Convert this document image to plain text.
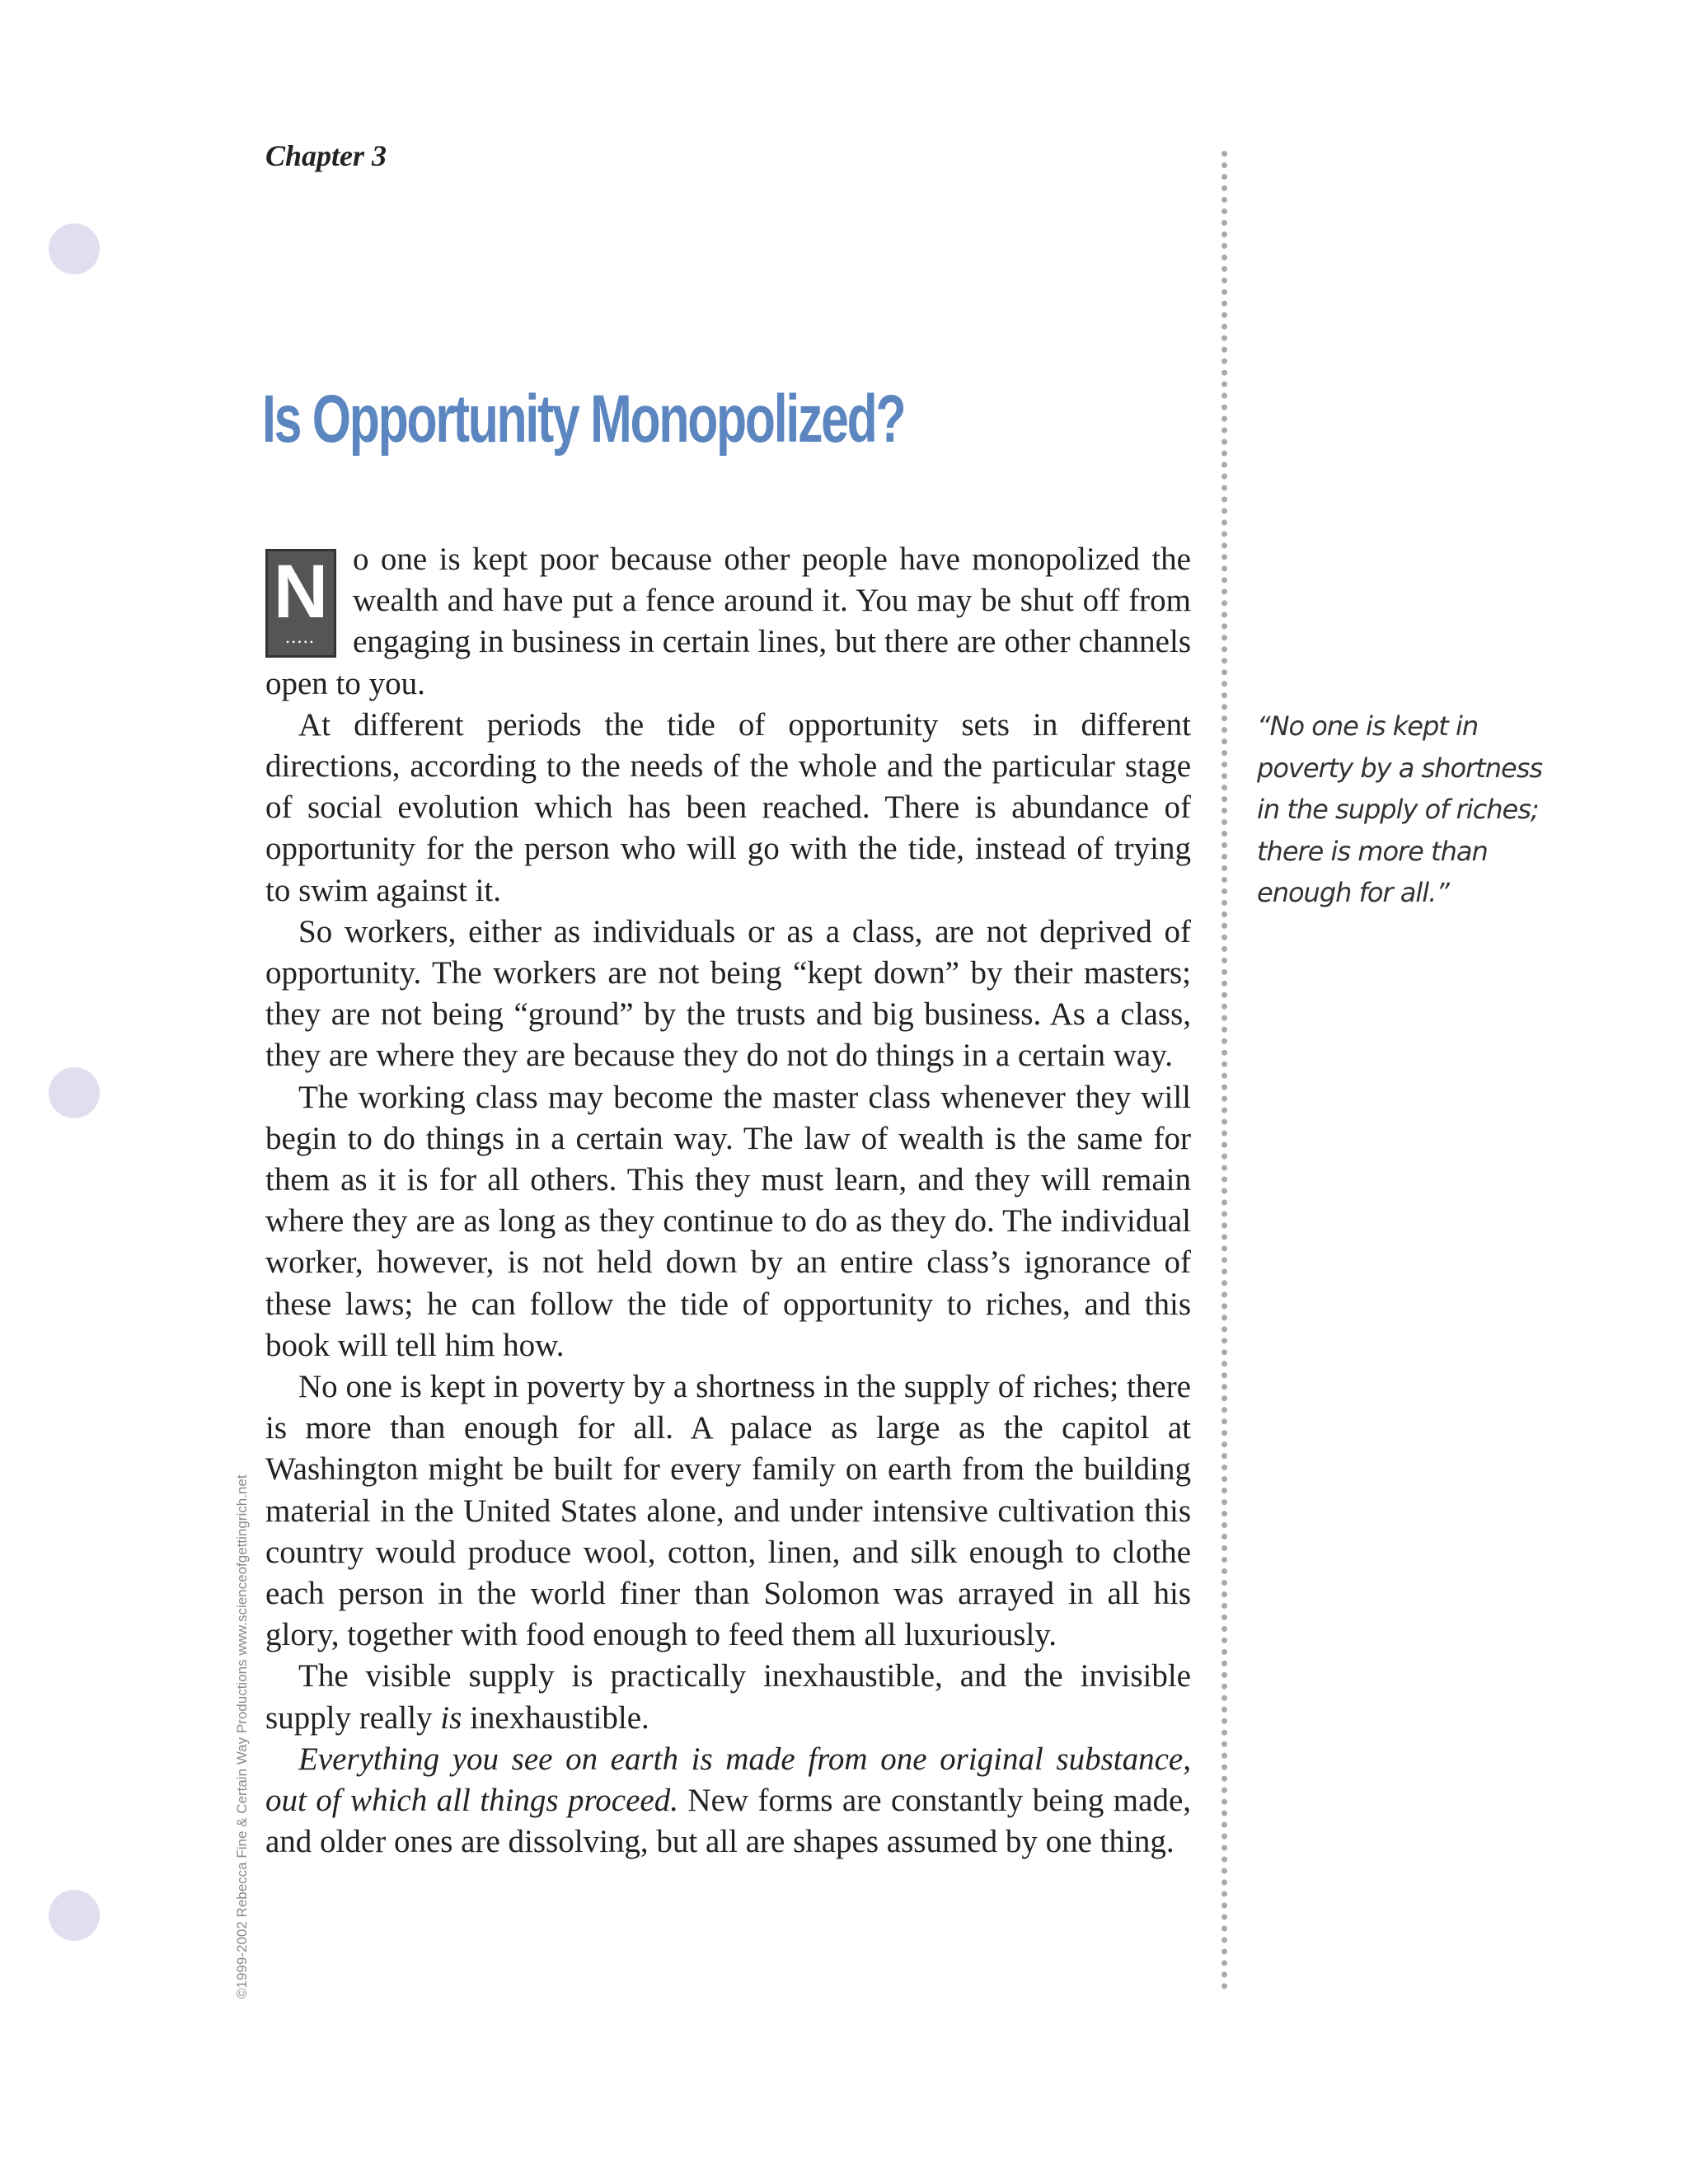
Chapter 3
Is Opportunity Monopolized?

N
•••••
o one is kept poor because other people have monopolized the wealth and have put a fence around it. You may be shut off from engaging in business in certain lines, but there are other channels open to you.

At different periods the tide of opportunity sets in different directions, according to the needs of the whole and the particular stage of social evolution which has been reached. There is abundance of opportunity for the person who will go with the tide, instead of trying to swim against it.

So workers, either as individuals or as a class, are not deprived of opportunity. The workers are not being “kept down” by their masters; they are not being “ground” by the trusts and big business. As a class, they are where they are because they do not do things in a certain way.

The working class may become the master class whenever they will begin to do things in a certain way. The law of wealth is the same for them as it is for all others. This they must learn, and they will remain where they are as long as they continue to do as they do. The individual worker, however, is not held down by an entire class’s ignorance of these laws; he can follow the tide of opportunity to riches, and this book will tell him how.

No one is kept in poverty by a shortness in the supply of riches; there is more than enough for all. A palace as large as the capitol at Washington might be built for every family on earth from the building material in the United States alone, and under intensive cultivation this country would produce wool, cotton, linen, and silk enough to clothe each person in the world finer than Solomon was arrayed in all his glory, together with food enough to feed them all luxuriously.

The visible supply is practically inexhaustible, and the invisible supply really is inexhaustible.

Everything you see on earth is made from one original substance, out of which all things proceed. New forms are constantly being made, and older ones are dissolving, but all are shapes assumed by one thing.

“No one is kept in poverty by a shortness in the supply of riches; there is more than enough for all.”

©1999-2002 Rebecca Fine & Certain Way Productions www.scienceofgettingrich.net
